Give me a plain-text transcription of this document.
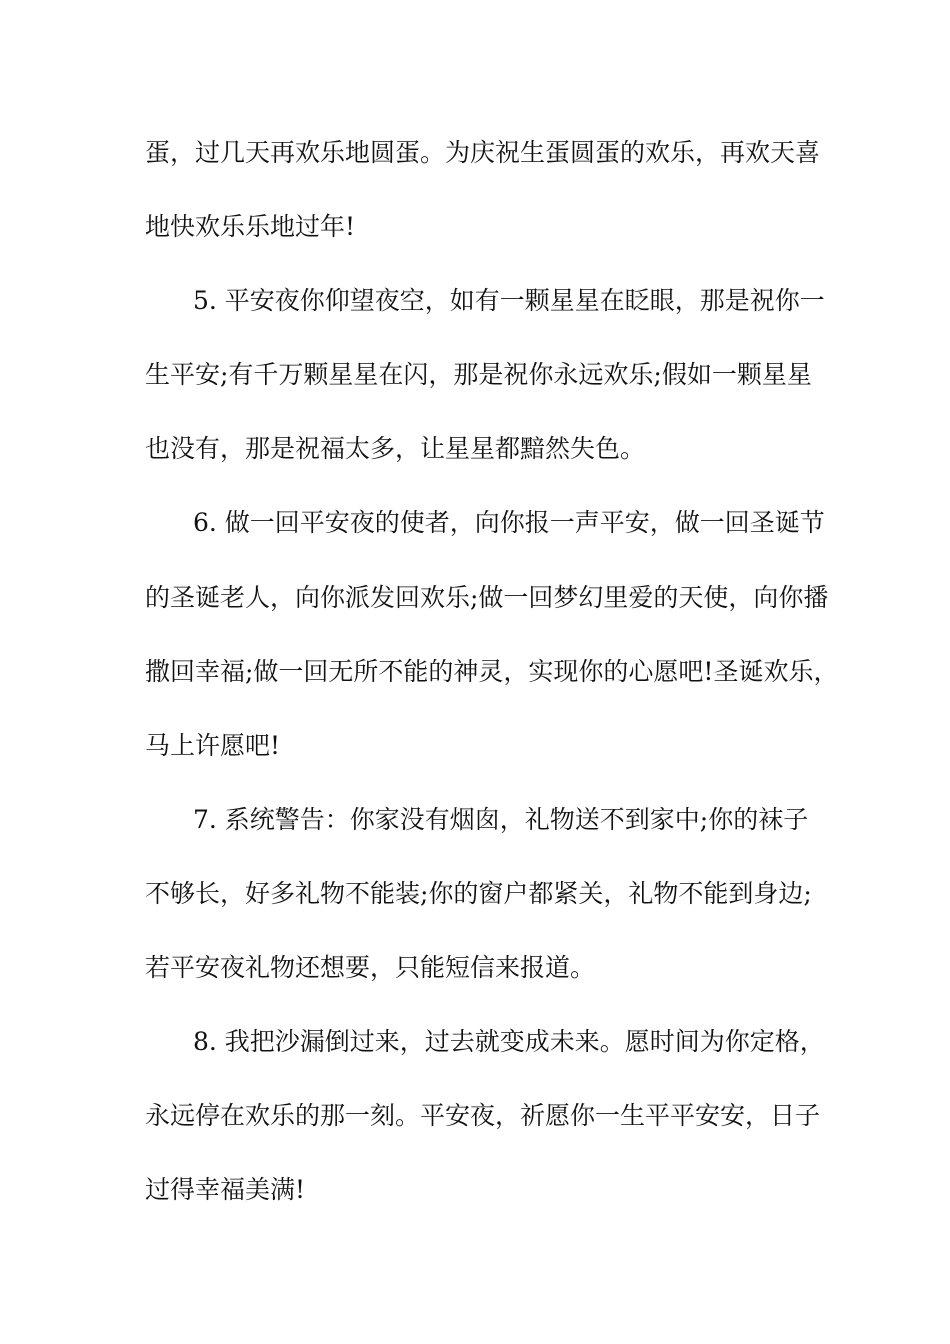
蛋，过几天再欢乐地圆蛋。为庆祝生蛋圆蛋的欢乐，再欢天喜
地快欢乐乐地过年!
5. 平安夜你仰望夜空，如有一颗星星在眨眼，那是祝你一
生平安;有千万颗星星在闪，那是祝你永远欢乐;假如一颗星星
也没有，那是祝福太多，让星星都黯然失色。
6. 做一回平安夜的使者，向你报一声平安，做一回圣诞节
的圣诞老人，向你派发回欢乐;做一回梦幻里爱的天使，向你播
撒回幸福;做一回无所不能的神灵，实现你的心愿吧!圣诞欢乐，
马上许愿吧!
7. 系统警告：你家没有烟囱，礼物送不到家中;你的袜子
不够长，好多礼物不能装;你的窗户都紧关，礼物不能到身边;
若平安夜礼物还想要，只能短信来报道。
8. 我把沙漏倒过来，过去就变成未来。愿时间为你定格，
永远停在欢乐的那一刻。平安夜，祈愿你一生平平安安，日子
过得幸福美满!
